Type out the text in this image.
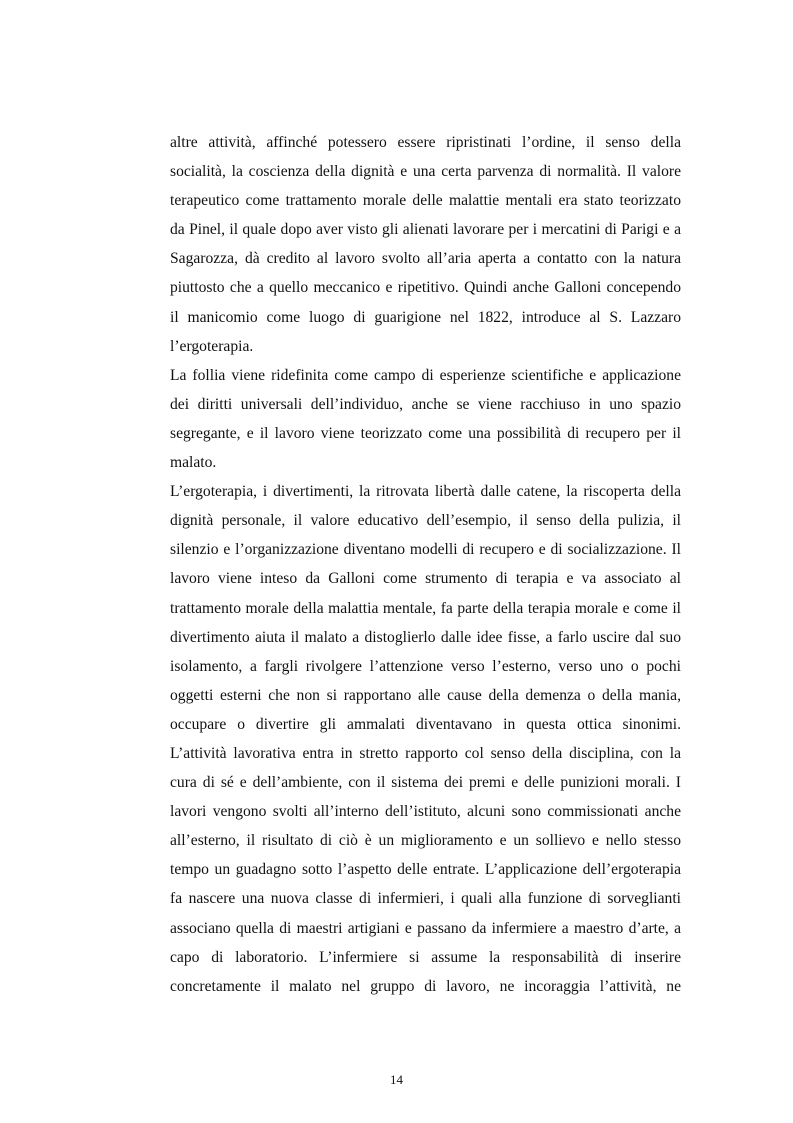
altre attività, affinché potessero essere ripristinati l’ordine, il senso della
socialità, la coscienza della dignità e una certa parvenza di normalità. Il valore
terapeutico come trattamento morale delle malattie mentali era stato teorizzato
da Pinel, il quale dopo aver visto gli alienati lavorare per i mercatini di Parigi e a
Sagarozza, dà credito al lavoro svolto all’aria aperta a contatto con la natura
piuttosto che a quello meccanico e ripetitivo. Quindi anche Galloni concependo
il manicomio come luogo di guarigione nel 1822, introduce al S. Lazzaro
l’ergoterapia.
La follia viene ridefinita come campo di esperienze scientifiche e applicazione
dei diritti universali dell’individuo, anche se viene racchiuso in uno spazio
segregante, e il lavoro viene teorizzato come una possibilità di recupero per il
malato.
L’ergoterapia, i divertimenti, la ritrovata libertà dalle catene, la riscoperta della
dignità personale, il valore educativo dell’esempio, il senso della pulizia, il
silenzio e l’organizzazione diventano modelli di recupero e di socializzazione. Il
lavoro viene inteso da Galloni come strumento di terapia e va associato al
trattamento morale della malattia mentale, fa parte della terapia morale e come il
divertimento aiuta il malato a distoglierlo dalle idee fisse, a farlo uscire dal suo
isolamento, a fargli rivolgere l’attenzione verso l’esterno, verso uno o pochi
oggetti esterni che non si rapportano alle cause della demenza o della mania,
occupare o divertire gli ammalati diventavano in questa ottica sinonimi.
L’attività lavorativa entra in stretto rapporto col senso della disciplina, con la
cura di sé e dell’ambiente, con il sistema dei premi e delle punizioni morali. I
lavori vengono svolti all’interno dell’istituto, alcuni sono commissionati anche
all’esterno, il risultato di ciò è un miglioramento e un sollievo e nello stesso
tempo un guadagno sotto l’aspetto delle entrate. L’applicazione dell’ergoterapia
fa nascere una nuova classe di infermieri, i quali alla funzione di sorveglianti
associano quella di maestri artigiani e passano da infermiere a maestro d’arte, a
capo di laboratorio. L’infermiere si assume la responsabilità di inserire
concretamente il malato nel gruppo di lavoro, ne incoraggia l’attività, ne
14
